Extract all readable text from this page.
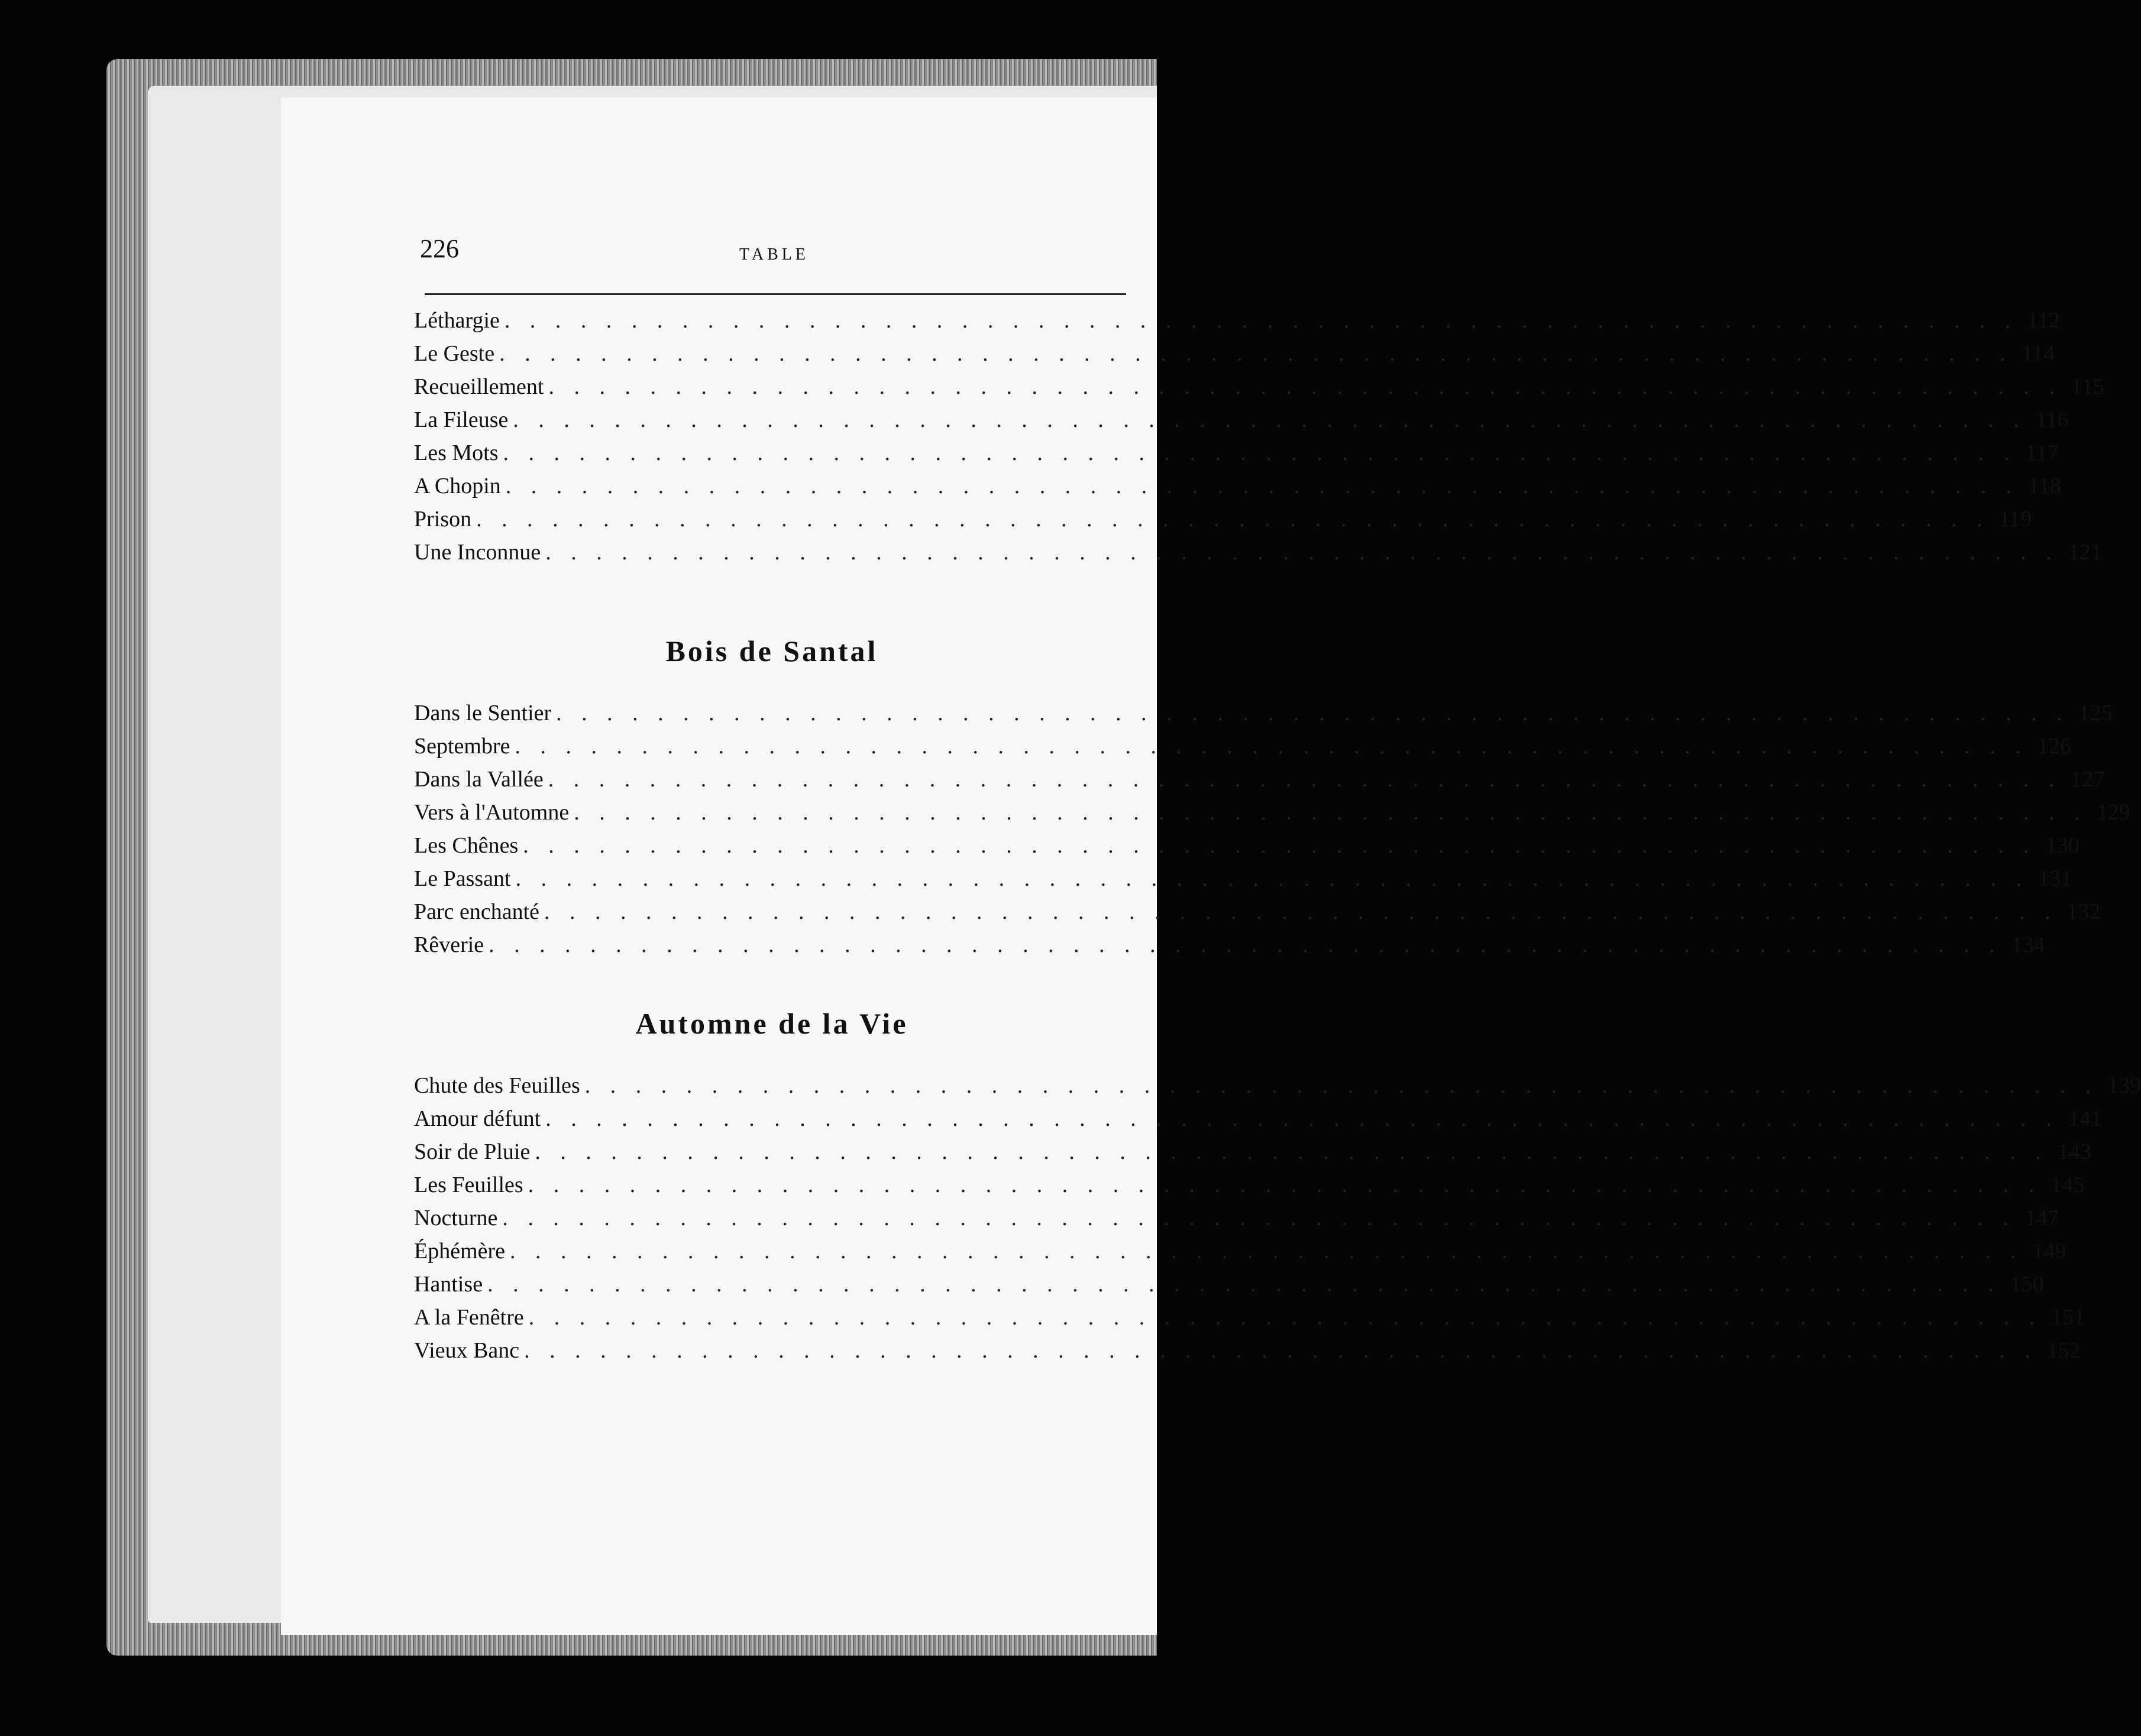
226	TABLE
Léthargie . . . . . . . . . . . . . . . . . . . . . . . . . . . . . . . . . . . . . . . . . . . . . . . . . . . . . . . . . . . . 112
Le Geste . . . . . . . . . . . . . . . . . . . . . . . . . . . . . . . . . . . . . . . . . . . . . . . . . . . . . . . . . . . . 114
Recueillement . . . . . . . . . . . . . . . . . . . . . . . . . . . . . . . . . . . . . . . . . . . . . . . . . . . . . . . . . . . . 115
La Fileuse . . . . . . . . . . . . . . . . . . . . . . . . . . . . . . . . . . . . . . . . . . . . . . . . . . . . . . . . . . . . 116
Les Mots . . . . . . . . . . . . . . . . . . . . . . . . . . . . . . . . . . . . . . . . . . . . . . . . . . . . . . . . . . . . 117
A Chopin . . . . . . . . . . . . . . . . . . . . . . . . . . . . . . . . . . . . . . . . . . . . . . . . . . . . . . . . . . . . 118
Prison . . . . . . . . . . . . . . . . . . . . . . . . . . . . . . . . . . . . . . . . . . . . . . . . . . . . . . . . . . . . 119
Une Inconnue . . . . . . . . . . . . . . . . . . . . . . . . . . . . . . . . . . . . . . . . . . . . . . . . . . . . . . . . . . . . 121
Bois de Santal
Dans le Sentier . . . . . . . . . . . . . . . . . . . . . . . . . . . . . . . . . . . . . . . . . . . . . . . . . . . . . . . . . . . . 125
Septembre . . . . . . . . . . . . . . . . . . . . . . . . . . . . . . . . . . . . . . . . . . . . . . . . . . . . . . . . . . . . 126
Dans la Vallée . . . . . . . . . . . . . . . . . . . . . . . . . . . . . . . . . . . . . . . . . . . . . . . . . . . . . . . . . . . . 127
Vers à l'Automne . . . . . . . . . . . . . . . . . . . . . . . . . . . . . . . . . . . . . . . . . . . . . . . . . . . . . . . . . . . . 129
Les Chênes . . . . . . . . . . . . . . . . . . . . . . . . . . . . . . . . . . . . . . . . . . . . . . . . . . . . . . . . . . . . 130
Le Passant . . . . . . . . . . . . . . . . . . . . . . . . . . . . . . . . . . . . . . . . . . . . . . . . . . . . . . . . . . . . 131
Parc enchanté . . . . . . . . . . . . . . . . . . . . . . . . . . . . . . . . . . . . . . . . . . . . . . . . . . . . . . . . . . . . 132
Rêverie . . . . . . . . . . . . . . . . . . . . . . . . . . . . . . . . . . . . . . . . . . . . . . . . . . . . . . . . . . . . 134
Automne de la Vie
Chute des Feuilles . . . . . . . . . . . . . . . . . . . . . . . . . . . . . . . . . . . . . . . . . . . . . . . . . . . . . . . . . . . . 139
Amour défunt . . . . . . . . . . . . . . . . . . . . . . . . . . . . . . . . . . . . . . . . . . . . . . . . . . . . . . . . . . . . 141
Soir de Pluie . . . . . . . . . . . . . . . . . . . . . . . . . . . . . . . . . . . . . . . . . . . . . . . . . . . . . . . . . . . . 143
Les Feuilles . . . . . . . . . . . . . . . . . . . . . . . . . . . . . . . . . . . . . . . . . . . . . . . . . . . . . . . . . . . . 145
Nocturne . . . . . . . . . . . . . . . . . . . . . . . . . . . . . . . . . . . . . . . . . . . . . . . . . . . . . . . . . . . . 147
Éphémère . . . . . . . . . . . . . . . . . . . . . . . . . . . . . . . . . . . . . . . . . . . . . . . . . . . . . . . . . . . . 149
Hantise . . . . . . . . . . . . . . . . . . . . . . . . . . . . . . . . . . . . . . . . . . . . . . . . . . . . . . . . . . . . 150
A la Fenêtre . . . . . . . . . . . . . . . . . . . . . . . . . . . . . . . . . . . . . . . . . . . . . . . . . . . . . . . . . . . . 151
Vieux Banc . . . . . . . . . . . . . . . . . . . . . . . . . . . . . . . . . . . . . . . . . . . . . . . . . . . . . . . . . . . . 152
